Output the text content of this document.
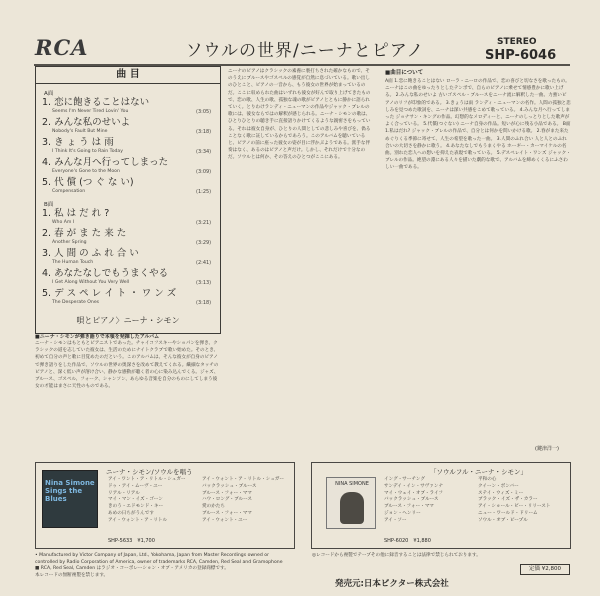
RCA	ソウルの世界/ニーナとピアノ	STEREO
SHP-6046
曲 目
A面
1. 恋に飽きることはない
Seems I'm Never Tired Lovin' You	(3:05)
2. みんな私のせいよ
Nobody's Fault But Mine	(3:18)
3. き ょ う は 雨
I Think It's Going to Rain Today	(3:34)
4. みんな月へ行ってしまった
Everyone's Gone to the Moon	(3:09)
5. 代 償 (つ ぐ な い)
Compensation	(1:25)
B面
1. 私 は だ れ ?
Who Am I	(3:21)
2. 春 が ま た 来 た
Another Spring	(3:29)
3. 人 間 の ふ れ 合 い
The Human Touch	(2:41)
4. あなたなしでもうまくやる
I Get Along Without You Very Well	(3:13)
5. デ ス ペ レ イ ト ・ ワ ン ズ
The Desperate Ones	(3:18)
唄とピアノ〉ニーナ・シモン
■ニーナ・シモンが弾き語りで本領を発揮したアルバム
ニーナ・シモンはもともとピアニストであった。チャイコフスキーやショパンを弾き、クラシックの道を志していた彼女は、生活のためにナイトクラブで歌い始めた。そのとき、初めて自分の声と歌に目覚めたのだという。このアルバムは、そんな彼女が自身のピアノで弾き語りをした作品で、ソウルの世界の奥深さを改めて教えてくれる。繊細なタッチのピアノと、深く低い声が溶け合い、静かな感動が聴く者の心に染み込んでくる。ジャズ、ブルース、ゴスペル、フォーク、シャンソン、あらゆる音楽を自分のものにしてしまう彼女の才能はまさに天性のものである。
ニーナのピアノはクラシックの素養に裏打ちされた確かなもので、そのうえにブルースやゴスペルの感覚が自然に息づいている。歌い出しのひとこと、ピアノの一音から、もう彼女の世界が始まっているのだ。ここに収められた曲はいずれも彼女が好んで取り上げてきたもので、恋の歌、人生の歌、孤独な魂の歌がピアノとともに静かに語られていく。とりわけランディ・ニューマンの作品やジャック・ブレルの歌には、彼女ならではの解釈が感じられる。ニーナ・シモンの歌は、ひとりひとりの聴き手に直接語りかけてくるような親密さをもっている。それは彼女自身が、ひとりの人間としての悲しみや喜びを、偽ることなく歌に託しているからであろう。このアルバムを聴いていると、ピアノの前に座った彼女の姿が目に浮かぶようである。派手な伴奏はなく、あるのはピアノと声だけ。しかし、それだけで十分なのだ。ソウルとは何か、その答えのひとつがここにある。
■曲目について
A面 1.恋に飽きることはない ローラ・ニーロの作品で、恋の喜びと切なさを歌ったもの。ニーナはこの曲をゆったりとしたテンポで、自らのピアノに乗せて情感豊かに歌い上げる。 2.みんな私のせいよ 古いゴスペル・ブルースをニーナ流に解釈した一曲。力強いピアノのリフが印象的である。 3.きょうは雨 ランディ・ニューマンの名作。人間の孤独と悲しみを見つめた歌詞を、ニーナは深い共感をこめて歌っている。 4.みんな月へ行ってしまった ジョナサン・キングの作品。幻想的なメロディーと、ニーナのしっとりとした歌声がよく合っている。 5.代償(つぐない) ニーナ自身の作品。短いが心に残る小品である。 B面 1.私はだれ? ジャック・ブレルの作品で、自分とは何かを問いかける歌。 2.春がまた来た めぐりくる季節に寄せて、人生の希望を歌った一曲。 3.人間のふれ合い 人と人とのふれ合いの大切さを静かに歌う。 4.あなたなしでもうまくやる ホーギー・カーマイケルの名曲。別れた恋人への想いを抑えた表現で歌っている。 5.デスペレイト・ワンズ ジャック・ブレルの作品。絶望の淵にある人々を描いた劇的な歌で、アルバムを締めくくるにふさわしい一曲である。
(鍵津洋一)
ニーナ・シモン/ソウルを唱う
Nina Simone Sings the Blues
アイ・ワント・ア・リトル・シュガー
ドゥ・アイ・ムーヴ・ユー
リアル・リアル
マイ・マン・イズ・ゴーン
きのう・エドモンド・キー
あめの日ちがうんです
アイ・ウォント・ア・リトル
アイ・ウォント・ア・リトル・シュガー
バックラッシュ・ブルース
ブルース・フォー・ママ
ハウ・ロング・ブルース
愛のかたち
ブルース・フォー・ママ
アイ・ウォント・ユー
SHP-5633　 ¥1,700
「ソウルフル・ニーナ・シモン」
NINA SIMONE
イング・サーチング
サンデイ・イン・サヴァンナ
マイ・ウェイ・オブ・ライフ
バックラッシュ・ブルース
ブルース・フォー・ママ
ジョン・ヘンリー
アイ・ソー
平和の心
クイーン・ボンバー
ステイ・ウィズ・ミー
ブラック・イズ・ザ・カラー
アイ・ショール・ビー・リリースト
ニュー・ワールド・ドリーム
ソウル・オブ・ピープル
SHP-6020　 ¥1,880
• Manufactured by Victor Company of Japan, Ltd., Yokohama, Japan from Master Recordings owned or
controlled by Radio Corporation of America, owner of trademarks RCA, Camden, Red Seal and Gramophone
■ RCA, Red Seal, Camden はラジオ・コーポレーション・オブ・アメリカの登録商標です。
本レコードの無断複製を禁じます。
◎レコードから複製でテープその他に録音することは法律で禁じられております。
定価 ¥2,800
発売元:日本ビクター株式会社
